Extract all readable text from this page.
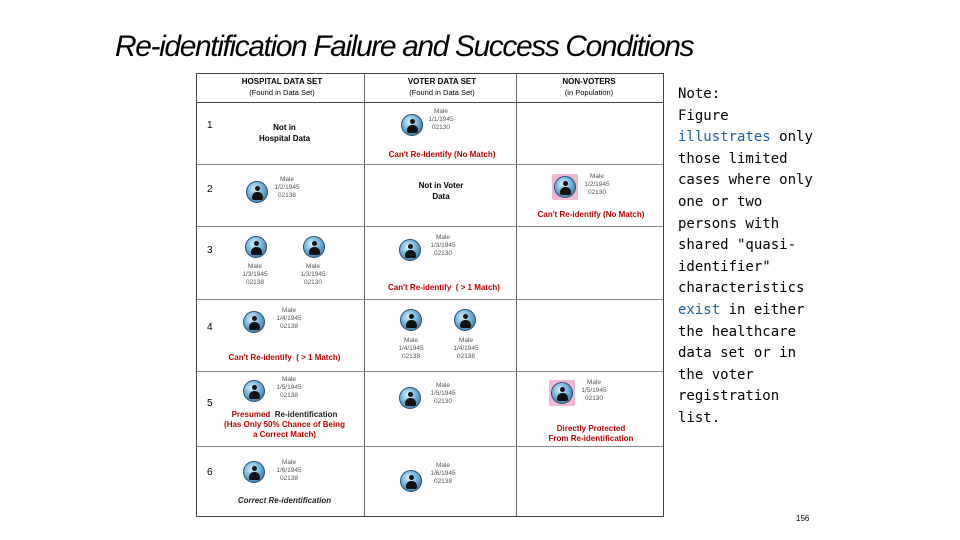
Re-identification Failure and Success Conditions
HOSPITAL DATA SET
(Found in Data Set)
VOTER DATA SET
(Found in Data Set)
NON-VOTERS
(in Population)
1	Not in Hospital Data
Male
1/1/1945
02130
Can't Re-Identify (No Match)
2
Male
1/2/1945
02138
Not in Voter Data
Male
1/2/1945
02130
Can't Re-identify (No Match)
3
Male
1/3/1945
02138
Male
1/3/1945
02130
Male
1/3/1945
02130
Can't Re-identify ( > 1 Match)
4
Male
1/4/1945
02138
Can't Re-identify ( > 1 Match)
Male
1/4/1945
02138
Male
1/4/1945
02138
5
Male
1/5/1945
02138
Presumed Re-identification
(Has Only 50% Chance of Being
a Correct Match)
Male
1/5/1945
02130
Male
1/5/1945
02130
Directly Protected
From Re-identification
6
Male
1/6/1945
02138
Correct Re-identification
Male
1/6/1945
02138
Note:
Figure illustrates only those limited cases where only one or two persons with shared "quasi-identifier" characteristics exist in either the healthcare data set or in the voter registration list.
156
